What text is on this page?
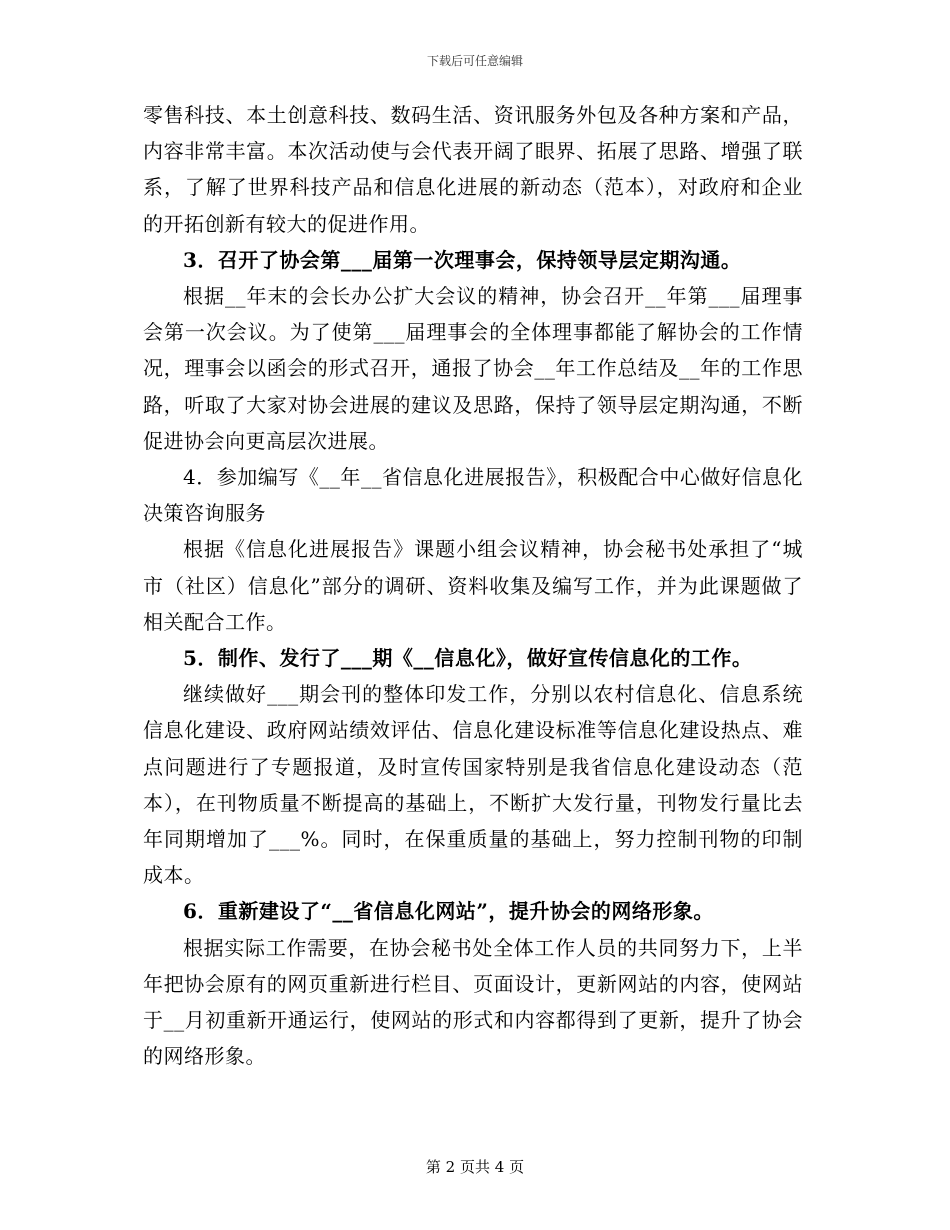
下载后可任意编辑

零售科技、本土创意科技、数码生活、资讯服务外包及各种方案和产品，内容非常丰富。本次活动使与会代表开阔了眼界、拓展了思路、增强了联系，了解了世界科技产品和信息化进展的新动态（范本），对政府和企业的开拓创新有较大的促进作用。

3．召开了协会第___届第一次理事会，保持领导层定期沟通。

根据__年末的会长办公扩大会议的精神，协会召开__年第___届理事会第一次会议。为了使第___届理事会的全体理事都能了解协会的工作情况，理事会以函会的形式召开，通报了协会__年工作总结及__年的工作思路，听取了大家对协会进展的建议及思路，保持了领导层定期沟通，不断促进协会向更高层次进展。

4．参加编写《__年__省信息化进展报告》，积极配合中心做好信息化决策咨询服务

根据《信息化进展报告》课题小组会议精神，协会秘书处承担了“城市（社区）信息化”部分的调研、资料收集及编写工作，并为此课题做了相关配合工作。

5．制作、发行了___期《__信息化》，做好宣传信息化的工作。

继续做好___期会刊的整体印发工作，分别以农村信息化、信息系统信息化建设、政府网站绩效评估、信息化建设标准等信息化建设热点、难点问题进行了专题报道，及时宣传国家特别是我省信息化建设动态（范本），在刊物质量不断提高的基础上，不断扩大发行量，刊物发行量比去年同期增加了___%。同时，在保重质量的基础上，努力控制刊物的印制成本。

6．重新建设了“__省信息化网站”，提升协会的网络形象。

根据实际工作需要，在协会秘书处全体工作人员的共同努力下，上半年把协会原有的网页重新进行栏目、页面设计，更新网站的内容，使网站于__月初重新开通运行，使网站的形式和内容都得到了更新，提升了协会的网络形象。

第 2 页共 4 页
